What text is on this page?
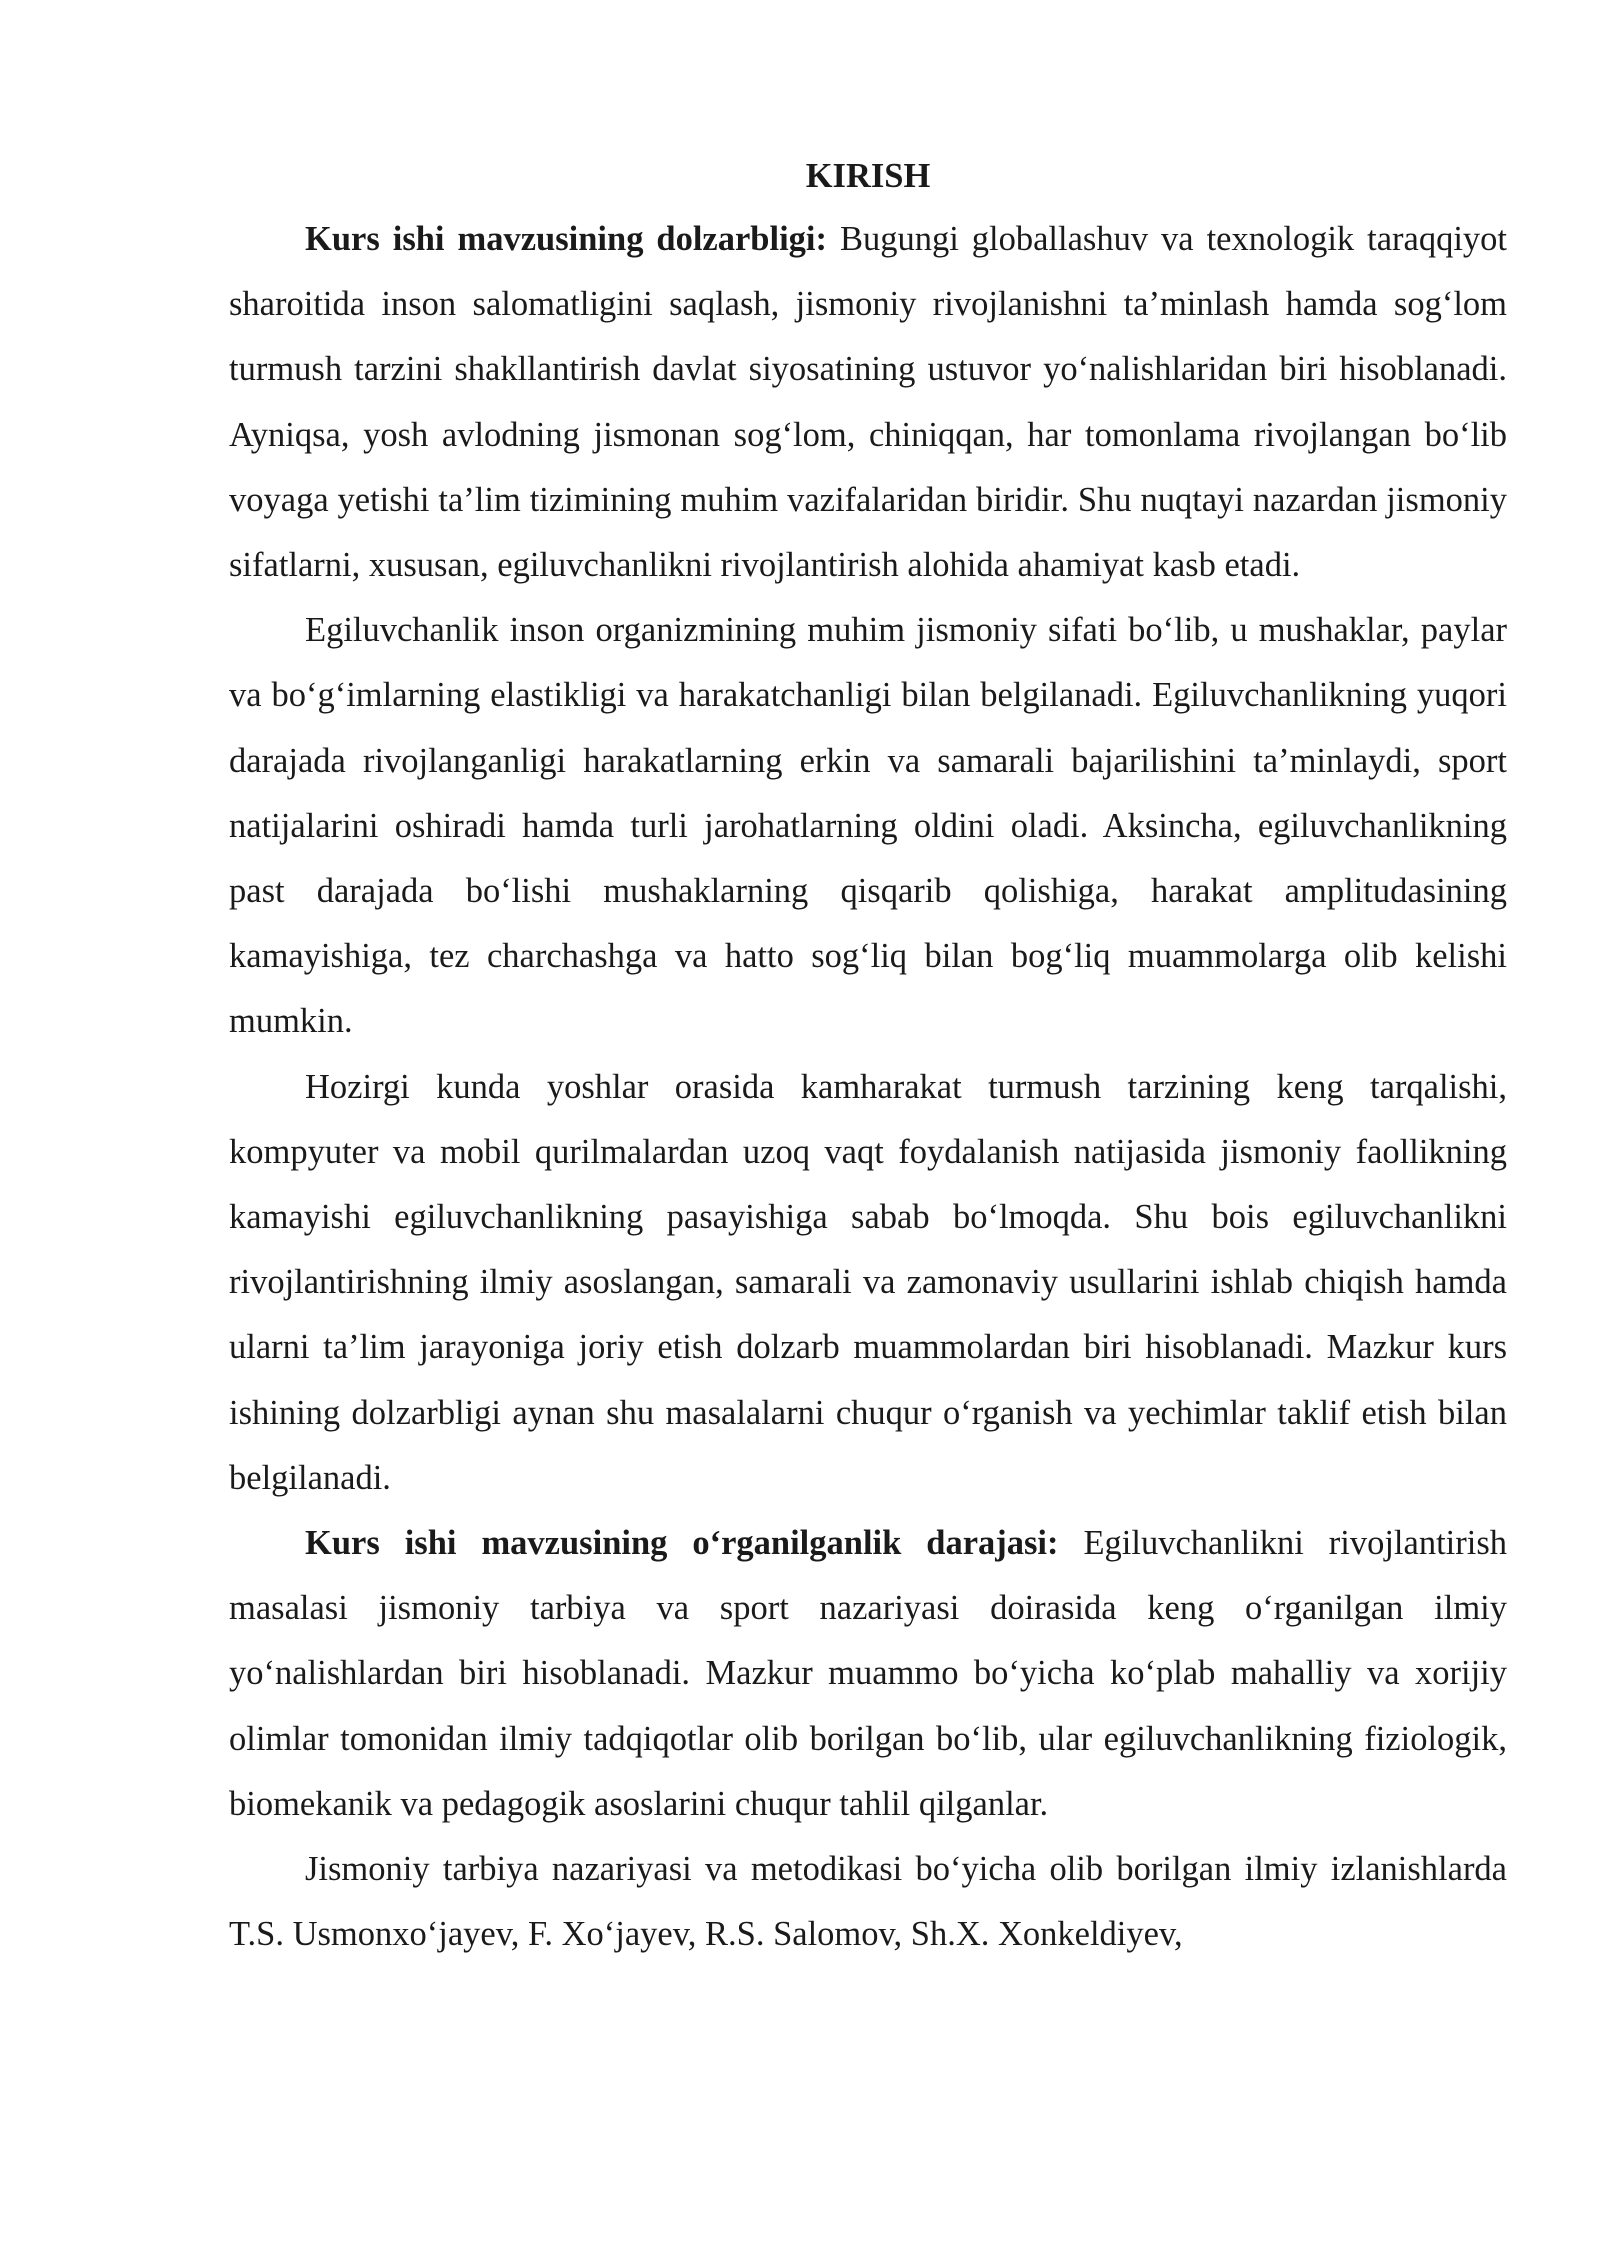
KIRISH

Kurs ishi mavzusining dolzarbligi: Bugungi globallashuv va texnologik taraqqiyot sharoitida inson salomatligini saqlash, jismoniy rivojlanishni ta’minlash hamda sog‘lom turmush tarzini shakllantirish davlat siyosatining ustuvor yo‘nalishlaridan biri hisoblanadi. Ayniqsa, yosh avlodning jismonan sog‘lom, chiniqqan, har tomonlama rivojlangan bo‘lib voyaga yetishi ta’lim tizimining muhim vazifalaridan biridir. Shu nuqtayi nazardan jismoniy sifatlarni, xususan, egiluvchanlikni rivojlantirish alohida ahamiyat kasb etadi.

Egiluvchanlik inson organizmining muhim jismoniy sifati bo‘lib, u mushaklar, paylar va bo‘g‘imlarning elastikligi va harakatchanligi bilan belgilanadi. Egiluvchanlikning yuqori darajada rivojlanganligi harakatlarning erkin va samarali bajarilishini ta’minlaydi, sport natijalarini oshiradi hamda turli jarohatlarning oldini oladi. Aksincha, egiluvchanlikning past darajada bo‘lishi mushaklarning qisqarib qolishiga, harakat amplitudasining kamayishiga, tez charchashga va hatto sog‘liq bilan bog‘liq muammolarga olib kelishi mumkin.

Hozirgi kunda yoshlar orasida kamharakat turmush tarzining keng tarqalishi, kompyuter va mobil qurilmalardan uzoq vaqt foydalanish natijasida jismoniy faollikning kamayishi egiluvchanlikning pasayishiga sabab bo‘lmoqda. Shu bois egiluvchanlikni rivojlantirishning ilmiy asoslangan, samarali va zamonaviy usullarini ishlab chiqish hamda ularni ta’lim jarayoniga joriy etish dolzarb muammolardan biri hisoblanadi. Mazkur kurs ishining dolzarbligi aynan shu masalalarni chuqur o‘rganish va yechimlar taklif etish bilan belgilanadi.

Kurs ishi mavzusining o‘rganilganlik darajasi: Egiluvchanlikni rivojlantirish masalasi jismoniy tarbiya va sport nazariyasi doirasida keng o‘rganilgan ilmiy yo‘nalishlardan biri hisoblanadi. Mazkur muammo bo‘yicha ko‘plab mahalliy va xorijiy olimlar tomonidan ilmiy tadqiqotlar olib borilgan bo‘lib, ular egiluvchanlikning fiziologik, biomekanik va pedagogik asoslarini chuqur tahlil qilganlar.

Jismoniy tarbiya nazariyasi va metodikasi bo‘yicha olib borilgan ilmiy izlanishlarda T.S. Usmonxo‘jayev, F. Xo‘jayev, R.S. Salomov, Sh.X. Xonkeldiyev,
